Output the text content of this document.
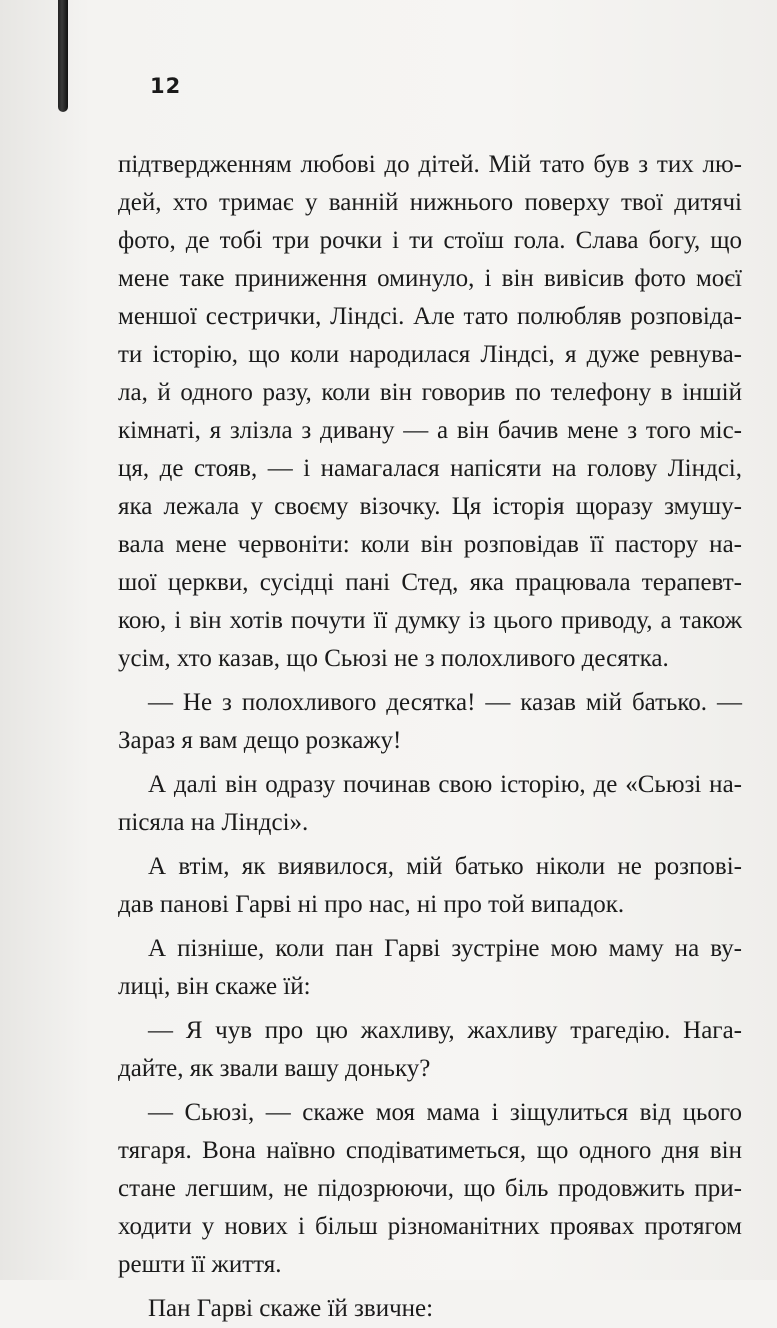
12
підтвердженням любові до дітей. Мій тато був з тих лю-
дей, хто тримає у ванній нижнього поверху твої дитячі
фото, де тобі три рочки і ти стоїш гола. Слава богу, що
мене таке приниження оминуло, і він вивісив фото моєї
меншої сестрички, Ліндсі. Але тато полюбляв розповіда-
ти історію, що коли народилася Ліндсі, я дуже ревнува-
ла, й одного разу, коли він говорив по телефону в іншій
кімнаті, я злізла з дивану — а він бачив мене з того міс-
ця, де стояв, — і намагалася напісяти на голову Ліндсі,
яка лежала у своєму візочку. Ця історія щоразу змушу-
вала мене червоніти: коли він розповідав її пастору на-
шої церкви, сусідці пані Стед, яка працювала терапевт-
кою, і він хотів почути її думку із цього приводу, а також
усім, хто казав, що Сьюзі не з полохливого десятка.
— Не з полохливого десятка! — казав мій батько. —
Зараз я вам дещо розкажу!
А далі він одразу починав свою історію, де «Сьюзі на-
пісяла на Ліндсі».
А втім, як виявилося, мій батько ніколи не розпові-
дав панові Гарві ні про нас, ні про той випадок.
А пізніше, коли пан Гарві зустріне мою маму на ву-
лиці, він скаже їй:
— Я чув про цю жахливу, жахливу трагедію. Нага-
дайте, як звали вашу доньку?
— Сьюзі, — скаже моя мама і зіщулиться від цього
тягаря. Вона наївно сподіватиметься, що одного дня він
стане легшим, не підозрюючи, що біль продовжить при-
ходити у нових і більш різноманітних проявах протягом
решти її життя.
Пан Гарві скаже їй звичне:
